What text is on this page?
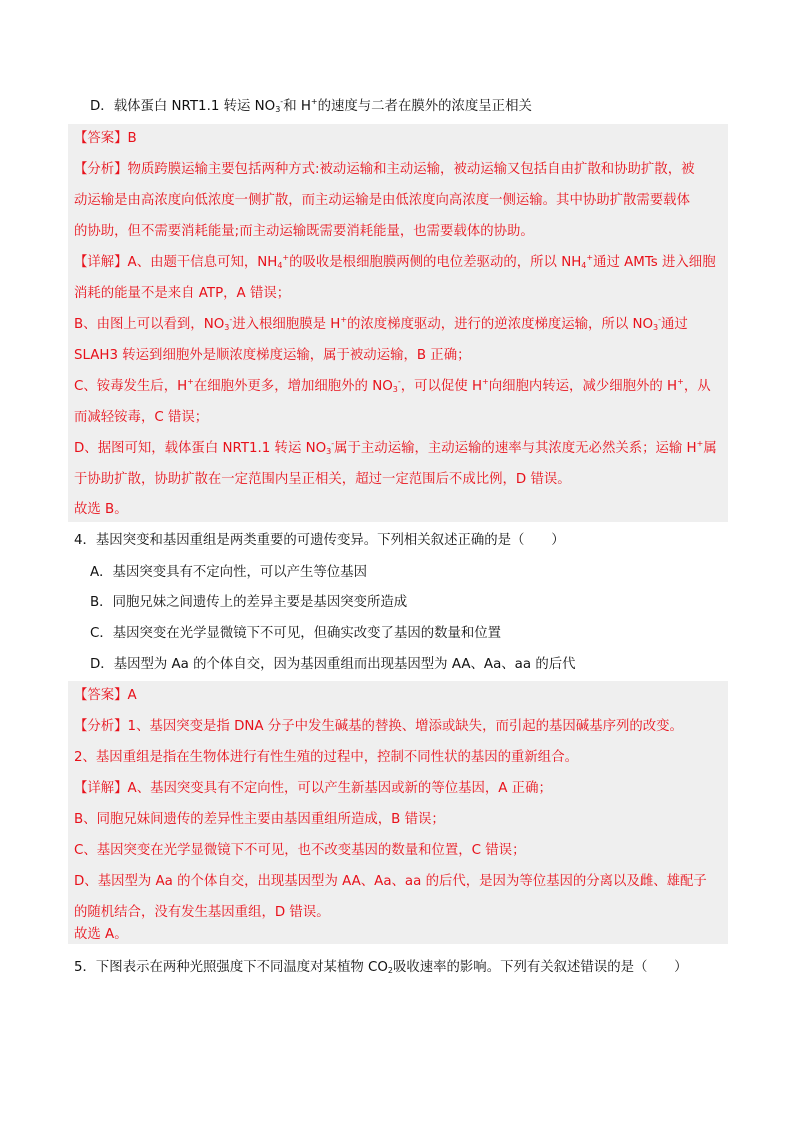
D．载体蛋白 NRT1.1 转运 $NO_3^-$和 H+的速度与二者在膜外的浓度呈正相关
【答案】B
【分析】物质跨膜运输主要包括两种方式:被动运输和主动运输，被动运输又包括自由扩散和协助扩散，被
动运输是由高浓度向低浓度一侧扩散，而主动运输是由低浓度向高浓度一侧运输。其中协助扩散需要载体
的协助，但不需要消耗能量;而主动运输既需要消耗能量，也需要载体的协助。
【详解】A、由题干信息可知，$NH_4^+$的吸收是根细胞膜两侧的电位差驱动的，所以 $NH_4^+$通过 AMTs 进入细胞
消耗的能量不是来自 ATP，A 错误；
B、由图上可以看到，$NO_3^-$进入根细胞膜是 H+的浓度梯度驱动，进行的逆浓度梯度运输，所以 $NO_3^-$通过
SLAH3 转运到细胞外是顺浓度梯度运输，属于被动运输，B 正确；
C、铵毒发生后，H+在细胞外更多，增加细胞外的 $NO_3^-$，可以促使 H+向细胞内转运，减少细胞外的 H+，从
而减轻铵毒，C 错误；
D、据图可知，载体蛋白 NRT1.1 转运 $NO_3^-$属于主动运输，主动运输的速率与其浓度无必然关系；运输 H+属
于协助扩散，协助扩散在一定范围内呈正相关，超过一定范围后不成比例，D 错误。
故选 B。
4．基因突变和基因重组是两类重要的可遗传变异。下列相关叙述正确的是（　　）
A．基因突变具有不定向性，可以产生等位基因
B．同胞兄妹之间遗传上的差异主要是基因突变所造成
C．基因突变在光学显微镜下不可见，但确实改变了基因的数量和位置
D．基因型为 Aa 的个体自交，因为基因重组而出现基因型为 AA、Aa、aa 的后代
【答案】A
【分析】1、基因突变是指 DNA 分子中发生碱基的替换、增添或缺失，而引起的基因碱基序列的改变。
2、基因重组是指在生物体进行有性生殖的过程中，控制不同性状的基因的重新组合。
【详解】A、基因突变具有不定向性，可以产生新基因或新的等位基因，A 正确；
B、同胞兄妹间遗传的差异性主要由基因重组所造成，B 错误；
C、基因突变在光学显微镜下不可见，也不改变基因的数量和位置，C 错误；
D、基因型为 Aa 的个体自交，出现基因型为 AA、Aa、aa 的后代，是因为等位基因的分离以及雌、雄配子
的随机结合，没有发生基因重组，D 错误。
故选 A。
5．下图表示在两种光照强度下不同温度对某植物 $CO_2$吸收速率的影响。下列有关叙述错误的是（　　）
